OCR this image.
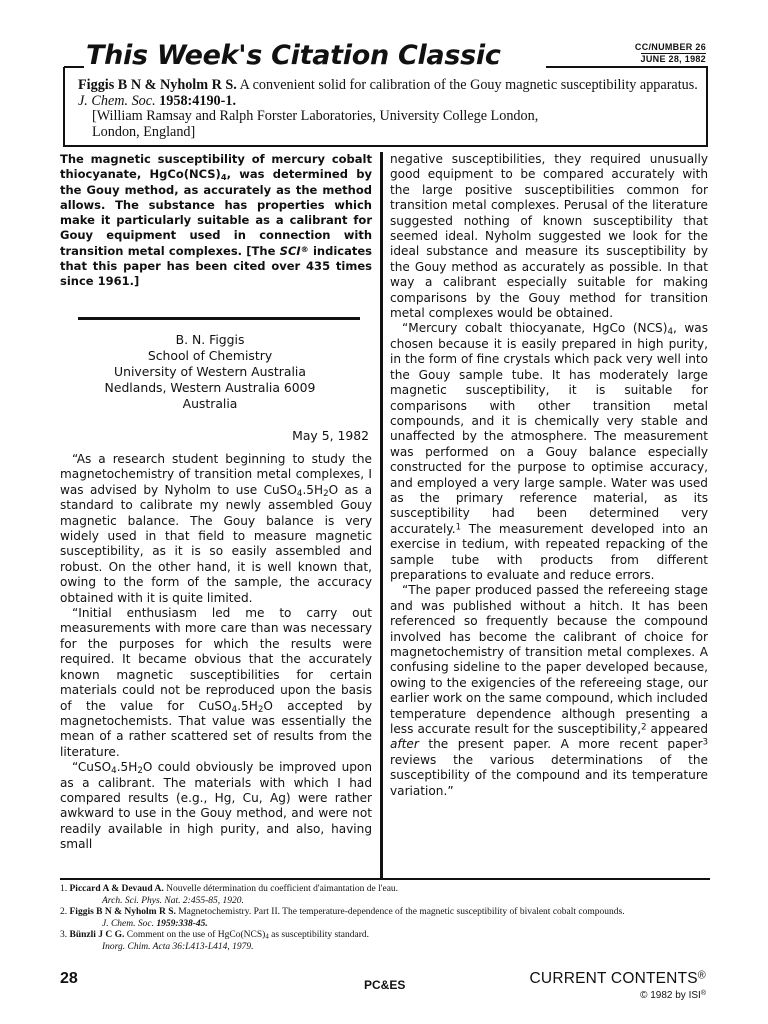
CC/NUMBER 26
JUNE 28, 1982
This Week's Citation Classic
Figgis B N & Nyholm R S. A convenient solid for calibration of the Gouy magnetic susceptibility apparatus. J. Chem. Soc. 1958:4190-1.
[William Ramsay and Ralph Forster Laboratories, University College London,
London, England]

The magnetic susceptibility of mercury cobalt thiocyanate, $HgCo(NCS)_4$, was determined by the Gouy method, as accurately as the method allows. The substance has properties which make it particularly suitable as a calibrant for Gouy equipment used in connection with transition metal complexes. [The SCI® indicates that this paper has been cited over 435 times since 1961.]

B. N. Figgis
School of Chemistry
University of Western Australia
Nedlands, Western Australia 6009
Australia
May 5, 1982

“As a research student beginning to study the magnetochemistry of transition metal complexes, I was advised by Nyholm to use $CuSO_4.5H_2O$ as a standard to calibrate my newly assembled Gouy magnetic balance. The Gouy balance is very widely used in that field to measure magnetic susceptibility, as it is so easily assembled and robust. On the other hand, it is well known that, owing to the form of the sample, the accuracy obtained with it is quite limited.

“Initial enthusiasm led me to carry out measurements with more care than was necessary for the purposes for which the results were required. It became obvious that the accurately known magnetic susceptibilities for certain materials could not be reproduced upon the basis of the value for $CuSO_4.5H_2O$ accepted by magnetochemists. That value was essentially the mean of a rather scattered set of results from the literature.

“$CuSO_4.5H_2O$ could obviously be improved upon as a calibrant. The materials with which I had compared results (e.g., Hg, Cu, Ag) were rather awkward to use in the Gouy method, and were not readily available in high purity, and also, having small

negative susceptibilities, they required unusually good equipment to be compared accurately with the large positive susceptibilities common for transition metal complexes. Perusal of the literature suggested nothing of known susceptibility that seemed ideal. Nyholm suggested we look for the ideal substance and measure its susceptibility by the Gouy method as accurately as possible. In that way a calibrant especially suitable for making comparisons by the Gouy method for transition metal complexes would be obtained.

“Mercury cobalt thiocyanate, HgCo $(NCS)_4$, was chosen because it is easily prepared in high purity, in the form of fine crystals which pack very well into the Gouy sample tube. It has moderately large magnetic susceptibility, it is suitable for comparisons with other transition metal compounds, and it is chemically very stable and unaffected by the atmosphere. The measurement was performed on a Gouy balance especially constructed for the purpose to optimise accuracy, and employed a very large sample. Water was used as the primary reference material, as its susceptibility had been determined very accurately.$^1$ The measurement developed into an exercise in tedium, with repeated repacking of the sample tube with products from different preparations to evaluate and reduce errors.

“The paper produced passed the refereeing stage and was published without a hitch. It has been referenced so frequently because the compound involved has become the calibrant of choice for magnetochemistry of transition metal complexes. A confusing sideline to the paper developed because, owing to the exigencies of the refereeing stage, our earlier work on the same compound, which included temperature dependence although presenting a less accurate result for the susceptibility,$^2$ appeared after the present paper. A more recent paper$^3$ reviews the various determinations of the susceptibility of the compound and its temperature variation.”

1. Piccard A & Devaud A. Nouvelle détermination du coefficient d'aimantation de l'eau.
Arch. Sci. Phys. Nat. 2:455-85, 1920.
2. Figgis B N & Nyholm R S. Magnetochemistry. Part II. The temperature-dependence of the magnetic susceptibility of bivalent cobalt compounds.
J. Chem. Soc. 1959:338-45.
3. Bünzli J C G. Comment on the use of $HgCo(NCS)_4$ as susceptibility standard.
Inorg. Chim. Acta 36:L413-L414, 1979.
28	PC&ES	CURRENT CONTENTS®
© 1982 by ISI®
